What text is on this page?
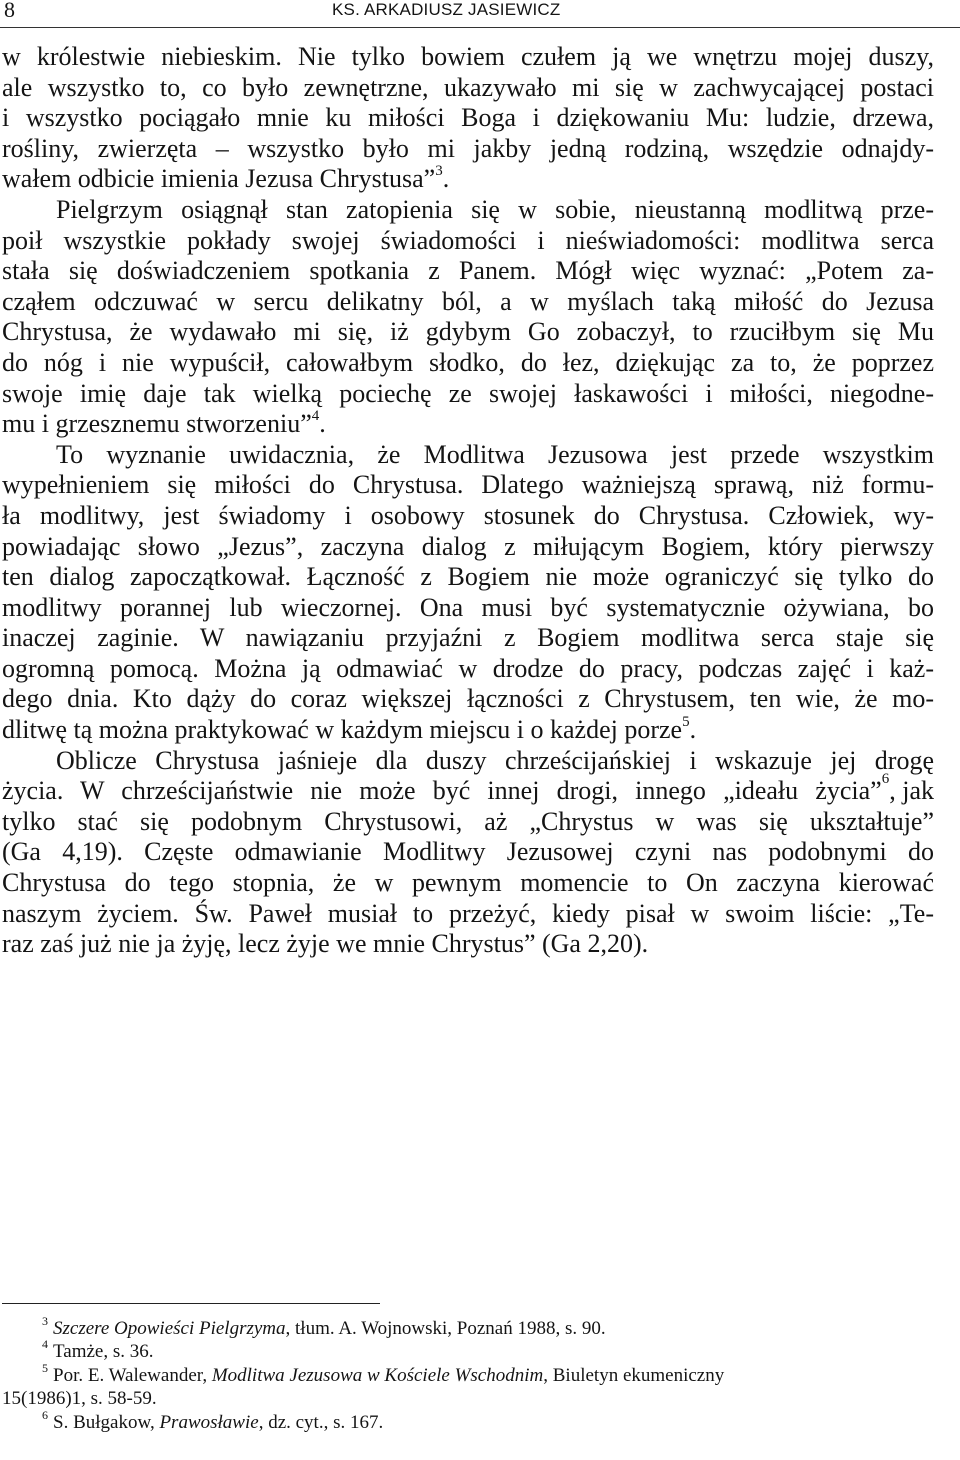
8	KS. ARKADIUSZ JASIEWICZ
w królestwie niebieskim. Nie tylko bowiem czułem ją we wnętrzu mojej duszy,
ale wszystko to, co było zewnętrzne, ukazywało mi się w zachwycającej postaci
i wszystko pociągało mnie ku miłości Boga i dziękowaniu Mu: ludzie, drzewa,
rośliny, zwierzęta – wszystko było mi jakby jedną rodziną, wszędzie odnajdy-
wałem odbicie imienia Jezusa Chrystusa”$^3$.
Pielgrzym osiągnął stan zatopienia się w sobie, nieustanną modlitwą prze-
poił wszystkie pokłady swojej świadomości i nieświadomości: modlitwa serca
stała się doświadczeniem spotkania z Panem. Mógł więc wyznać: „Potem za-
cząłem odczuwać w sercu delikatny ból, a w myślach taką miłość do Jezusa
Chrystusa, że wydawało mi się, iż gdybym Go zobaczył, to rzuciłbym się Mu
do nóg i nie wypuścił, całowałbym słodko, do łez, dziękując za to, że poprzez
swoje imię daje tak wielką pociechę ze swojej łaskawości i miłości, niegodne-
mu i grzesznemu stworzeniu”$^4$.
To wyznanie uwidacznia, że Modlitwa Jezusowa jest przede wszystkim
wypełnieniem się miłości do Chrystusa. Dlatego ważniejszą sprawą, niż formu-
ła modlitwy, jest świadomy i osobowy stosunek do Chrystusa. Człowiek, wy-
powiadając słowo „Jezus”, zaczyna dialog z miłującym Bogiem, który pierwszy
ten dialog zapoczątkował. Łączność z Bogiem nie może ograniczyć się tylko do
modlitwy porannej lub wieczornej. Ona musi być systematycznie ożywiana, bo
inaczej zaginie. W nawiązaniu przyjaźni z Bogiem modlitwa serca staje się
ogromną pomocą. Można ją odmawiać w drodze do pracy, podczas zajęć i każ-
dego dnia. Kto dąży do coraz większej łączności z Chrystusem, ten wie, że mo-
dlitwę tą można praktykować w każdym miejscu i o każdej porze$^5$.
Oblicze Chrystusa jaśnieje dla duszy chrześcijańskiej i wskazuje jej drogę
życia. W chrześcijaństwie nie może być innej drogi, innego „ideału życia” 6 , jak
tylko stać się podobnym Chrystusowi, aż „Chrystus w was się ukształtuje”
(Ga 4,19). Częste odmawianie Modlitwy Jezusowej czyni nas podobnymi do
Chrystusa do tego stopnia, że w pewnym momencie to On zaczyna kierować
naszym życiem. Św. Paweł musiał to przeżyć, kiedy pisał w swoim liście: „Te-
raz zaś już nie ja żyję, lecz żyje we mnie Chrystus” (Ga 2,20).
$^3$ Szczere Opowieści Pielgrzyma, tłum. A. Wojnowski, Poznań 1988, s. 90.
$^4$ Tamże, s. 36.
$^5$ Por. E. Walewander, Modlitwa Jezusowa w Kościele Wschodnim, Biuletyn ekumeniczny
15(1986)1, s. 58-59.
$^6$ S. Bułgakow, Prawosławie, dz. cyt., s. 167.
